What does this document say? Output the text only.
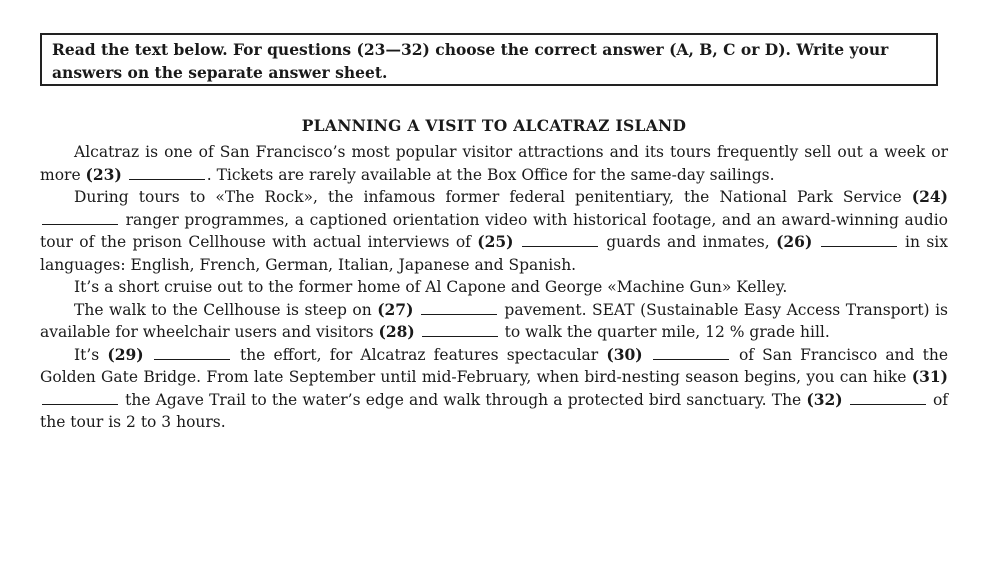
Read the text below. For questions (23—32) choose the correct answer (A, B, C or D). Write your answers on the separate answer sheet.
PLANNING A VISIT TO ALCATRAZ ISLAND

Alcatraz is one of San Francisco’s most popular visitor attractions and its tours frequently sell out a week or more (23)	. Tickets are rarely available at the Box Office for the same-day sailings.

During tours to «The Rock», the infamous former federal penitentiary, the National Park Service (24)  ranger programmes, a captioned orientation video with historical footage, and an award-winning audio tour of the prison Cellhouse with actual interviews of (25)	guards and inmates, (26)	in six languages: English, French, German, Italian, Japanese and Spanish.

It’s a short cruise out to the former home of Al Capone and George «Machine Gun» Kelley.

The walk to the Cellhouse is steep on (27)	pavement. SEAT (Sustainable Easy Access Transport) is available for wheelchair users and visitors (28)	to walk the quarter mile, 12 % grade hill.

It’s (29)	the effort, for Alcatraz features spectacular (30)	of San Francisco and the Golden Gate Bridge. From late September until mid-February, when bird-nesting season begins, you can hike (31)  the Agave Trail to the water’s edge and walk through a protected bird sanctuary. The (32)	of the tour is 2 to 3 hours.
